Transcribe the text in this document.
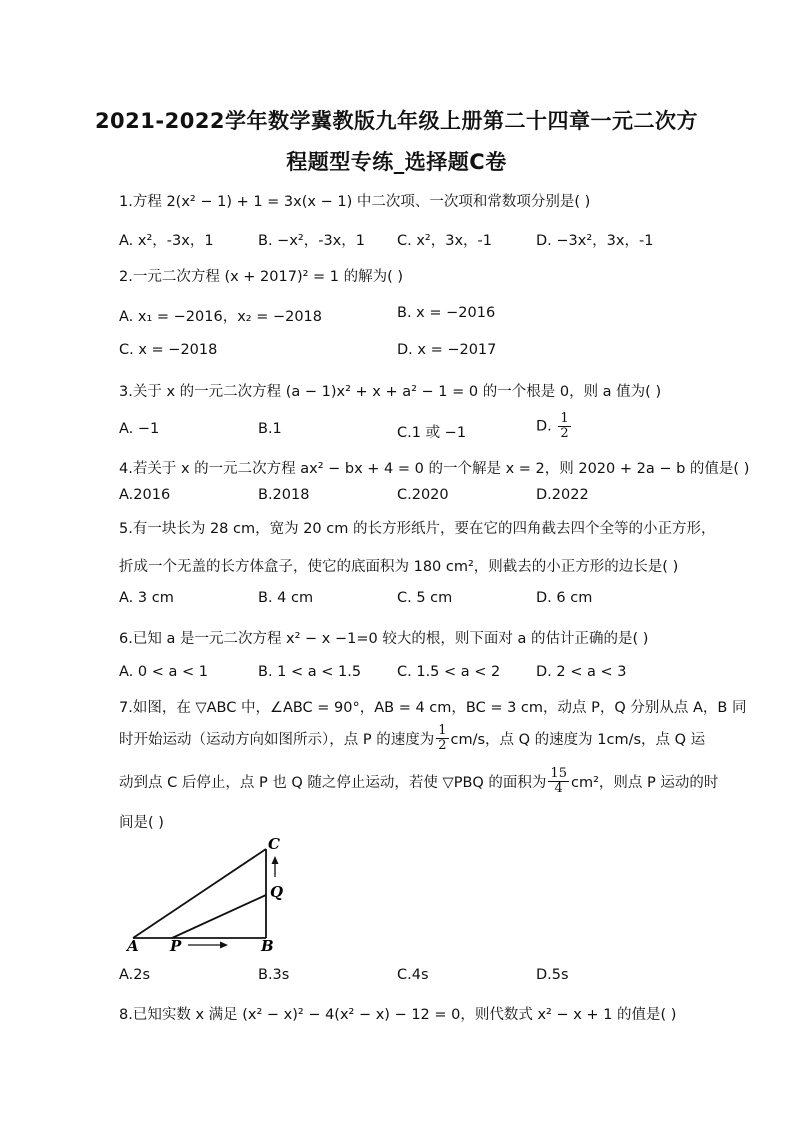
2021-2022学年数学冀教版九年级上册第二十四章一元二次方
程题型专练_选择题C卷
1.方程 2(x² − 1) + 1 = 3x(x − 1) 中二次项、一次项和常数项分别是( )
A. x²，-3x，1	B. −x²，-3x，1 C. x²，3x，-1	D. −3x²，3x，-1
2.一元二次方程 (x + 2017)² = 1 的解为( )
A. x₁ = −2016，x₂ = −2018	B. x = −2016
C. x = −2018	D. x = −2017
3.关于 x 的一元二次方程 (a − 1)x² + x + a² − 1 = 0 的一个根是 0，则 a 值为( )
A. −1	B.1	C.1 或 −1	D. $\frac{1}{2}$
4.若关于 x 的一元二次方程 ax² − bx + 4 = 0 的一个解是 x = 2，则 2020 + 2a − b 的值是( )
A.2016	B.2018	C.2020	D.2022
5.有一块长为 28 cm，宽为 20 cm 的长方形纸片，要在它的四角截去四个全等的小正方形，
折成一个无盖的长方体盒子，使它的底面积为 180 cm²，则截去的小正方形的边长是( )
A. 3 cm	B. 4 cm	C. 5 cm	D. 6 cm
6.已知 a 是一元二次方程 x² − x −1=0 较大的根，则下面对 a 的估计正确的是( )
A. 0 < a < 1	B. 1 < a < 1.5 C. 1.5 < a < 2 D. 2 < a < 3
7.如图，在 ▽ABC 中，∠ABC = 90°，AB = 4 cm，BC = 3 cm，动点 P，Q 分别从点 A，B 同
时开始运动（运动方向如图所示），点 P 的速度为 $\frac{1}{2} cm/s$，点 Q 的速度为 1cm/s，点 Q 运
动到点 C 后停止，点 P 也 Q 随之停止运动，若使 ▽PBQ 的面积为 $\frac{15}{4} cm^2$，则点 P 运动的时
间是( )
A P	B
Q
C
A.2s	B.3s	C.4s	D.5s
8.已知实数 x 满足 (x² − x)² − 4(x² − x) − 12 = 0，则代数式 x² − x + 1 的值是( )
